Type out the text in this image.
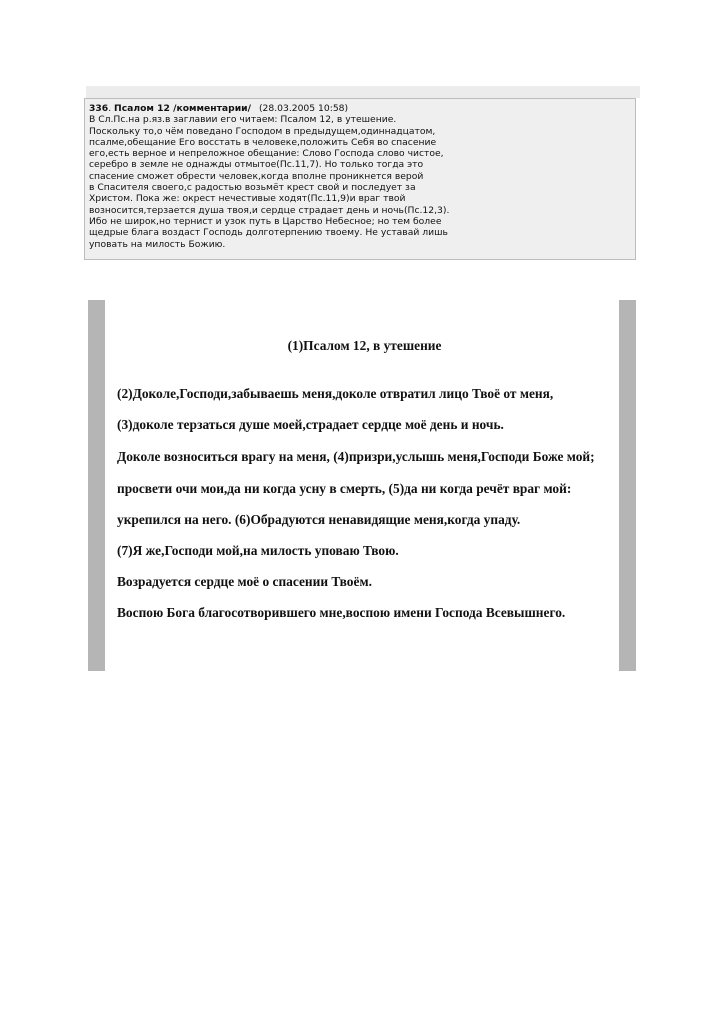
336. Псалом 12 /комментарии/ (28.03.2005 10:58)
В Сл.Пс.на р.яз.в заглавии его читаем: Псалом 12, в утешение.
Поскольку то,о чём поведано Господом в предыдущем,одиннадцатом,
псалме,обещание Его восстать в человеке,положить Себя во спасение
его,есть верное и непреложное обещание: Слово Господа слово чистое,
серебро в земле не однажды отмытое(Пс.11,7). Но только тогда это
спасение сможет обрести человек,когда вполне проникнется верой
в Спасителя своего,с радостью возьмёт крест свой и последует за
Христом. Пока же: окрест нечестивые ходят(Пс.11,9)и враг твой
возносится,терзается душа твоя,и сердце страдает день и ночь(Пс.12,3).
Ибо не широк,но тернист и узок путь в Царство Небесное; но тем более
щедрые блага воздаст Господь долготерпению твоему. Не уставай лишь
уповать на милость Божию.
(1)Псалом 12, в утешение
(2)Доколе,Господи,забываешь меня,доколе отвратил лицо Твоё от меня,
(3)доколе терзаться душе моей,страдает сердце моё день и ночь.
Доколе возноситься врагу на меня, (4)призри,услышь меня,Господи Боже мой;
просвети очи мои,да ни когда усну в смерть, (5)да ни когда речёт враг мой:
укрепился на него. (6)Обрадуются ненавидящие меня,когда упаду.
(7)Я же,Господи мой,на милость уповаю Твою.
Возрадуется сердце моё о спасении Твоём.
Воспою Бога благосотворившего мне,воспою имени Господа Всевышнего.
